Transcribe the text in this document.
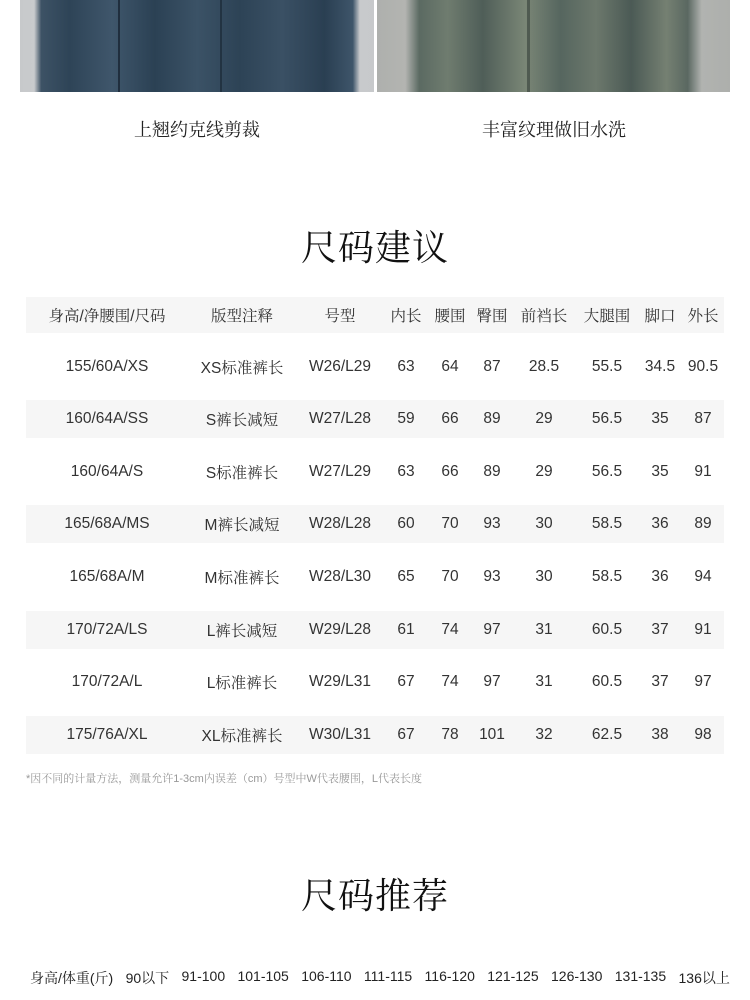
上翘约克线剪裁	丰富纹理做旧水洗
尺码建议
身高/净腰围/尺码	版型注释	号型	内长 腰围 臀围 前裆长	大腿围 脚口 外长
155/60A/XS	XS标准裤长	W26/L29	63	64	87	28.5	55.5	34.5 90.5
160/64A/SS	S裤长减短	W27/L28	59	66	89	29	56.5	35	87
160/64A/S	S标准裤长	W27/L29	63	66	89	29	56.5	35	91
165/68A/MS	M裤长减短	W28/L28	60	70	93	30	58.5	36	89
165/68A/M	M标准裤长	W28/L30	65	70	93	30	58.5	36	94
170/72A/LS	L裤长减短	W29/L28	61	74	97	31	60.5	37	91
170/72A/L	L标准裤长	W29/L31	67	74	97	31	60.5	37	97
175/76A/XL	XL标准裤长	W30/L31	67	78	101	32	62.5	38	98
*因不同的计量方法，测量允许1-3cm内误差（cm）号型中W代表腰围，L代表长度
尺码推荐
身高/体重(斤) 90以下 91-100 101-105 106-110 111-115 116-120 121-125 126-130 131-135 136以上
